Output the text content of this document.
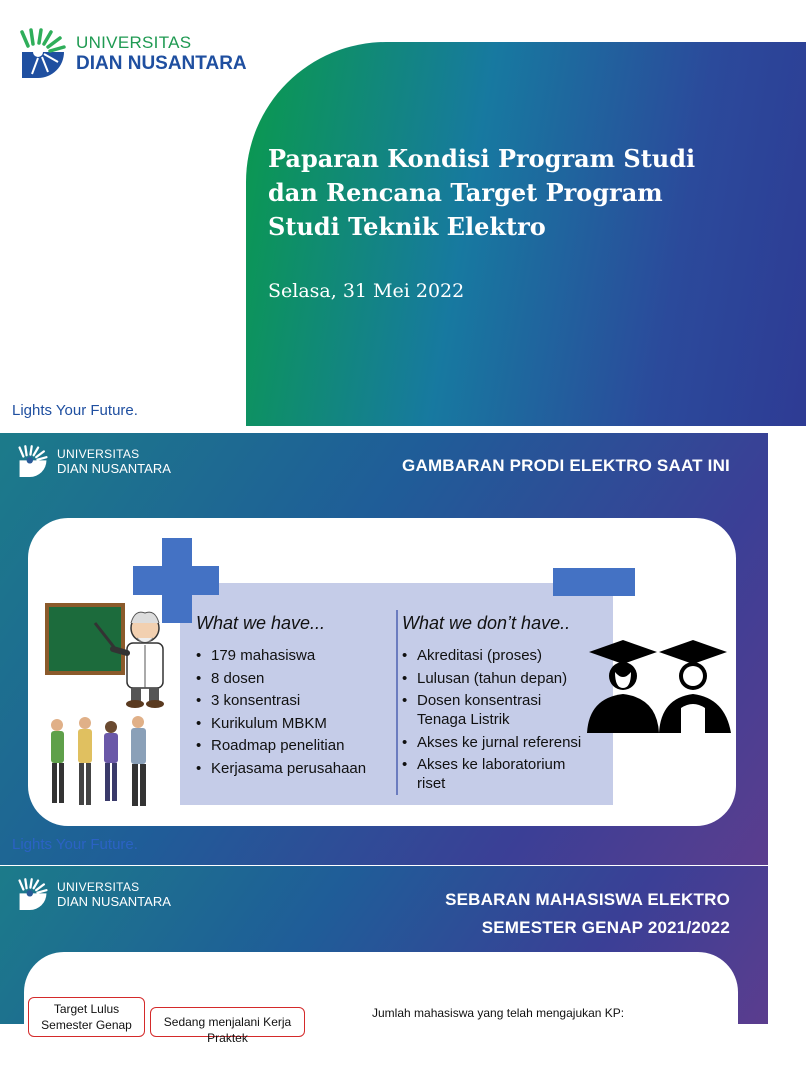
UNIVERSITAS
DIAN NUSANTARA
Paparan Kondisi Program Studi dan Rencana Target Program Studi Teknik Elektro
Selasa, 31 Mei 2022
Lights Your Future.
UNIVERSITAS
DIAN NUSANTARA	GAMBARAN PRODI ELEKTRO SAAT INI
What we have...
• 179 mahasiswa
• 8 dosen
• 3 konsentrasi
• Kurikulum MBKM
• Roadmap penelitian
• Kerjasama perusahaan
What we don’t have..
• Akreditasi (proses)
• Lulusan (tahun depan)
• Dosen konsentrasi
Tenaga Listrik
• Akses ke jurnal referensi
• Akses ke laboratorium
riset
Lights Your Future.
UNIVERSITAS
DIAN NUSANTARA	SEBARAN MAHASISWA ELEKTRO
SEMESTER GENAP 2021/2022
Target Lulus Semester Genap	Sedang menjalani Kerja Praktek
Jumlah mahasiswa yang telah mengajukan KP:
